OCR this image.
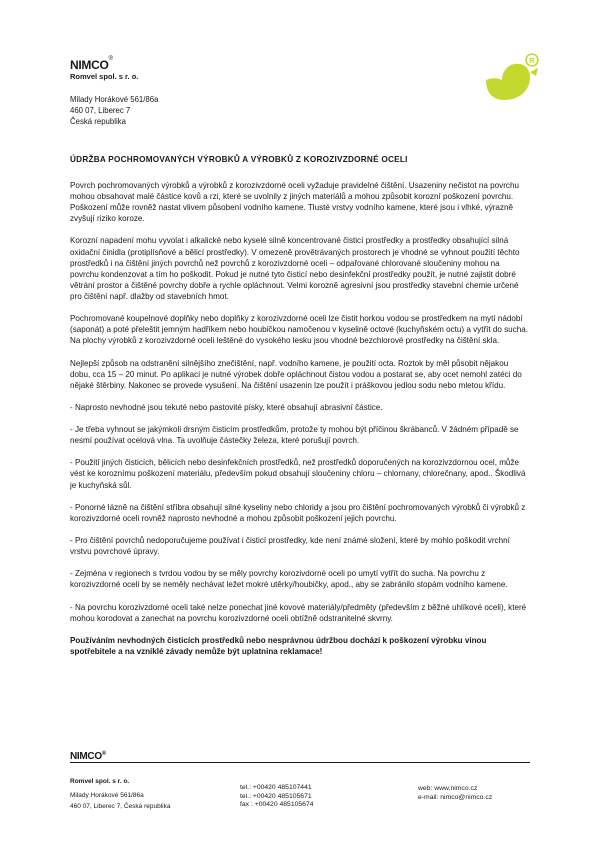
NIMCO®
Romvel spol. s r. o.
Milady Horákové 561/86a
460 07, Liberec 7
Česká republika
R
ÚDRŽBA POCHROMOVANÝCH VÝROBKŮ A VÝROBKŮ Z KOROZIVZDORNÉ OCELI

Povrch pochromovaných výrobků a výrobků z korozivzdorné oceli vyžaduje pravidelné čištění. Usazeniny nečistot na povrchu mohou obsahovat malé částice kovů a rzi, které se uvolnily z jiných materiálů a mohou způsobit korozní poškození povrchu. Poškození může rovněž nastat vlivem působení vodního kamene. Tlusté vrstvy vodního kamene, které jsou i vlhké, výrazně zvyšují riziko koroze.

Korozní napadení mohu vyvolat i alkalické nebo kyselé silně koncentrované čisticí prostředky a prostředky obsahující silná oxidační činidla (protiplísňové a bělicí prostředky). V omezeně provětrávaných prostorech je vhodné se vyhnout použití těchto prostředků i na čištění jiných povrchů než povrchů z korozivzdorné oceli – odpařované chlorované sloučeniny mohou na povrchu kondenzovat a tím ho poškodit. Pokud je nutné tyto čisticí nebo desinfekční prostředky použít, je nutné zajistit dobré větrání prostor a čištěné povrchy dobře a rychle opláchnout. Velmi korozně agresivní jsou prostředky stavební chemie určené pro čištění např. dlažby od stavebních hmot.

Pochromované koupelnové doplňky nebo doplňky z korozivzdorné oceli lze čistit horkou vodou se prostředkem na mytí nádobí (saponát) a poté přeleštit jemným hadříkem nebo houbičkou namočenou v kyselině octové (kuchyňském octu) a vytřít do sucha. Na plochy výrobků z korozivzdorné oceli leštěné do vysokého lesku jsou vhodné bezchlorové prostředky na čištění skla.

Nejlepší způsob na odstranění silnějšího znečištění, např. vodního kamene, je použití octa. Roztok by měl působit nějakou dobu, cca 15 – 20 minut. Po aplikaci je nutné výrobek dobře opláchnout čistou vodou a postarat se, aby ocet nemohl zatéci do nějaké štěrbiny. Nakonec se provede vysušení. Na čištění usazenin lze použít i práškovou jedlou sodu nebo mletou křídu.

- Naprosto nevhodné jsou tekuté nebo pastovité písky, které obsahují abrasivní částice.

- Je třeba vyhnout se jakýmkoli drsným čisticím prostředkům, protože ty mohou být příčinou škrábanců. V žádném případě se nesmí používat ocelová vlna. Ta uvolňuje částečky železa, které porušují povrch.

- Použití jiných čisticích, bělicích nebo desinfekčních prostředků, než prostředků doporučených na korozivzdornou ocel, může vést ke koroznímu poškození materiálu, především pokud obsahují sloučeniny chloru – chlornany, chlorečnany, apod.. Škodlivá je kuchyňská sůl.

- Ponorné lázně na čištění stříbra obsahují silné kyseliny nebo chloridy a jsou pro čištění pochromovaných výrobků či výrobků z korozivzdorné oceli rovněž naprosto nevhodné a mohou způsobit poškození jejich povrchu.

- Pro čištění povrchů nedoporučujeme používat i čisticí prostředky, kde není známé složení, které by mohlo poškodit vrchní vrstvu povrchové úpravy.

- Zejména v regionech s tvrdou vodou by se měly povrchy korozivdorné oceli po umytí vytřít do sucha. Na povrchu z korozivzdorné oceli by se neměly nechávat ležet mokré utěrky/houbičky, apod., aby se zabránilo stopám vodního kamene.

- Na povrchu korozivzdorné oceli také nelze ponechat jiné kovové materiály/předměty (především z běžné uhlíkové oceli), které mohou korodovat a zanechat na povrchu korozivzdorné oceli obtížně odstranitelné skvrny.

Používáním nevhodných čisticích prostředků nebo nesprávnou údržbou dochází k poškození výrobku vinou spotřebitele a na vzniklé závady nemůže být uplatnina reklamace!

NIMCO®
Romvel spol. s r. o.
Milady Horákové 561/86a
460 07, Liberec 7, Česká republika
tel.: +00420 485107441
tel.: +00420 485105671
fax : +00420 485105674
web: www.nimco.cz
e-mail: nimco@nimco.cz
